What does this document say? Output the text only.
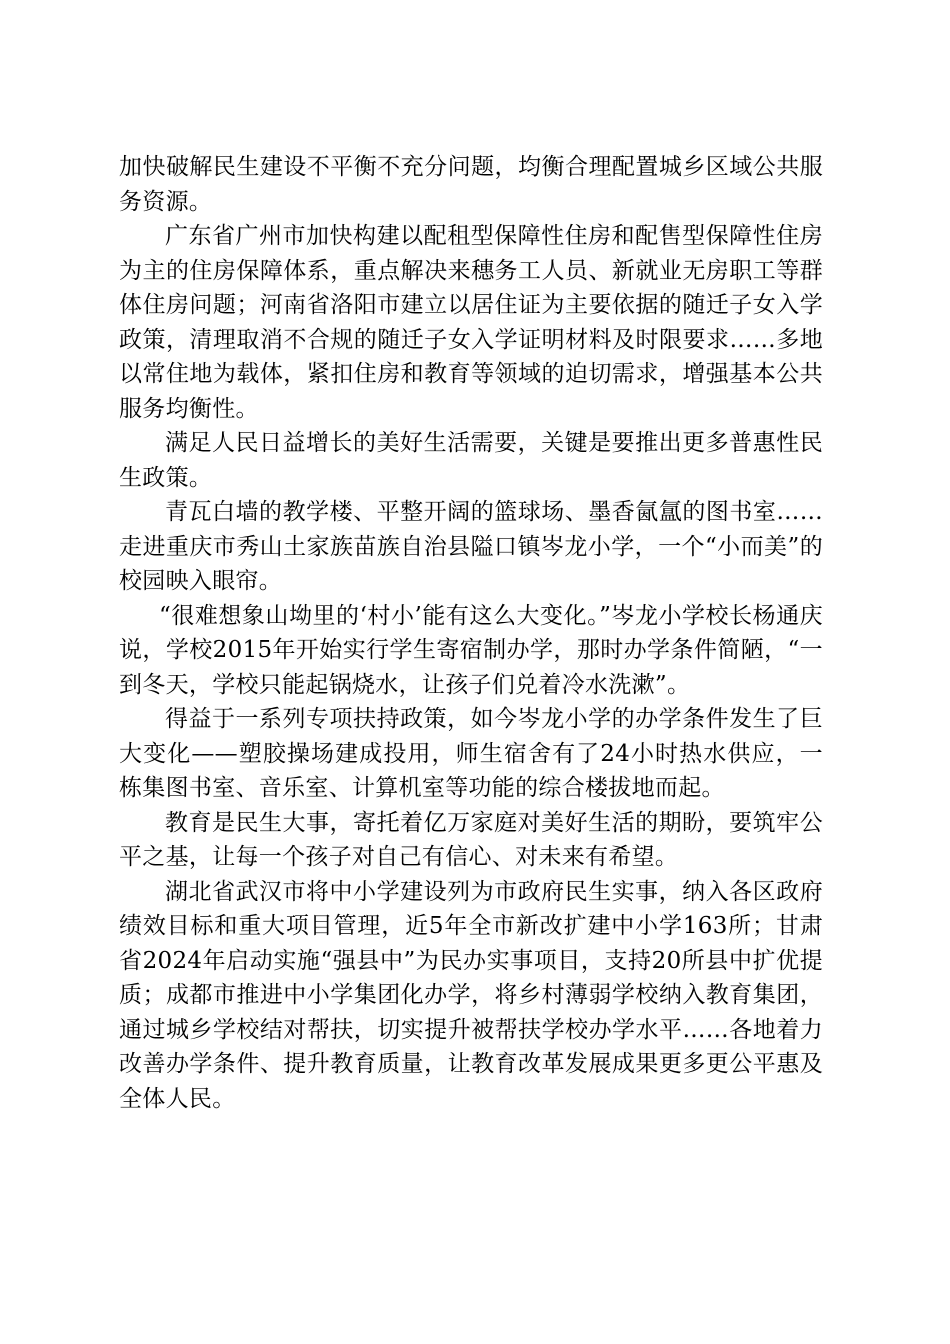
加快破解民生建设不平衡不充分问题，均衡合理配置城乡区域公共服务资源。

广东省广州市加快构建以配租型保障性住房和配售型保障性住房为主的住房保障体系，重点解决来穗务工人员、新就业无房职工等群体住房问题；河南省洛阳市建立以居住证为主要依据的随迁子女入学政策，清理取消不合规的随迁子女入学证明材料及时限要求……多地以常住地为载体，紧扣住房和教育等领域的迫切需求，增强基本公共服务均衡性。

满足人民日益增长的美好生活需要，关键是要推出更多普惠性民生政策。

青瓦白墙的教学楼、平整开阔的篮球场、墨香氤氲的图书室……走进重庆市秀山土家族苗族自治县隘口镇岑龙小学，一个“小而美”的校园映入眼帘。

“很难想象山坳里的‘村小’能有这么大变化。”岑龙小学校长杨通庆说，学校2015年开始实行学生寄宿制办学，那时办学条件简陋，“一到冬天，学校只能起锅烧水，让孩子们兑着冷水洗漱”。

得益于一系列专项扶持政策，如今岑龙小学的办学条件发生了巨大变化——塑胶操场建成投用，师生宿舍有了24小时热水供应，一栋集图书室、音乐室、计算机室等功能的综合楼拔地而起。

教育是民生大事，寄托着亿万家庭对美好生活的期盼，要筑牢公平之基，让每一个孩子对自己有信心、对未来有希望。

湖北省武汉市将中小学建设列为市政府民生实事，纳入各区政府绩效目标和重大项目管理，近5年全市新改扩建中小学163所；甘肃省2024年启动实施“强县中”为民办实事项目，支持20所县中扩优提质；成都市推进中小学集团化办学，将乡村薄弱学校纳入教育集团，通过城乡学校结对帮扶，切实提升被帮扶学校办学水平……各地着力改善办学条件、提升教育质量，让教育改革发展成果更多更公平惠及全体人民。
